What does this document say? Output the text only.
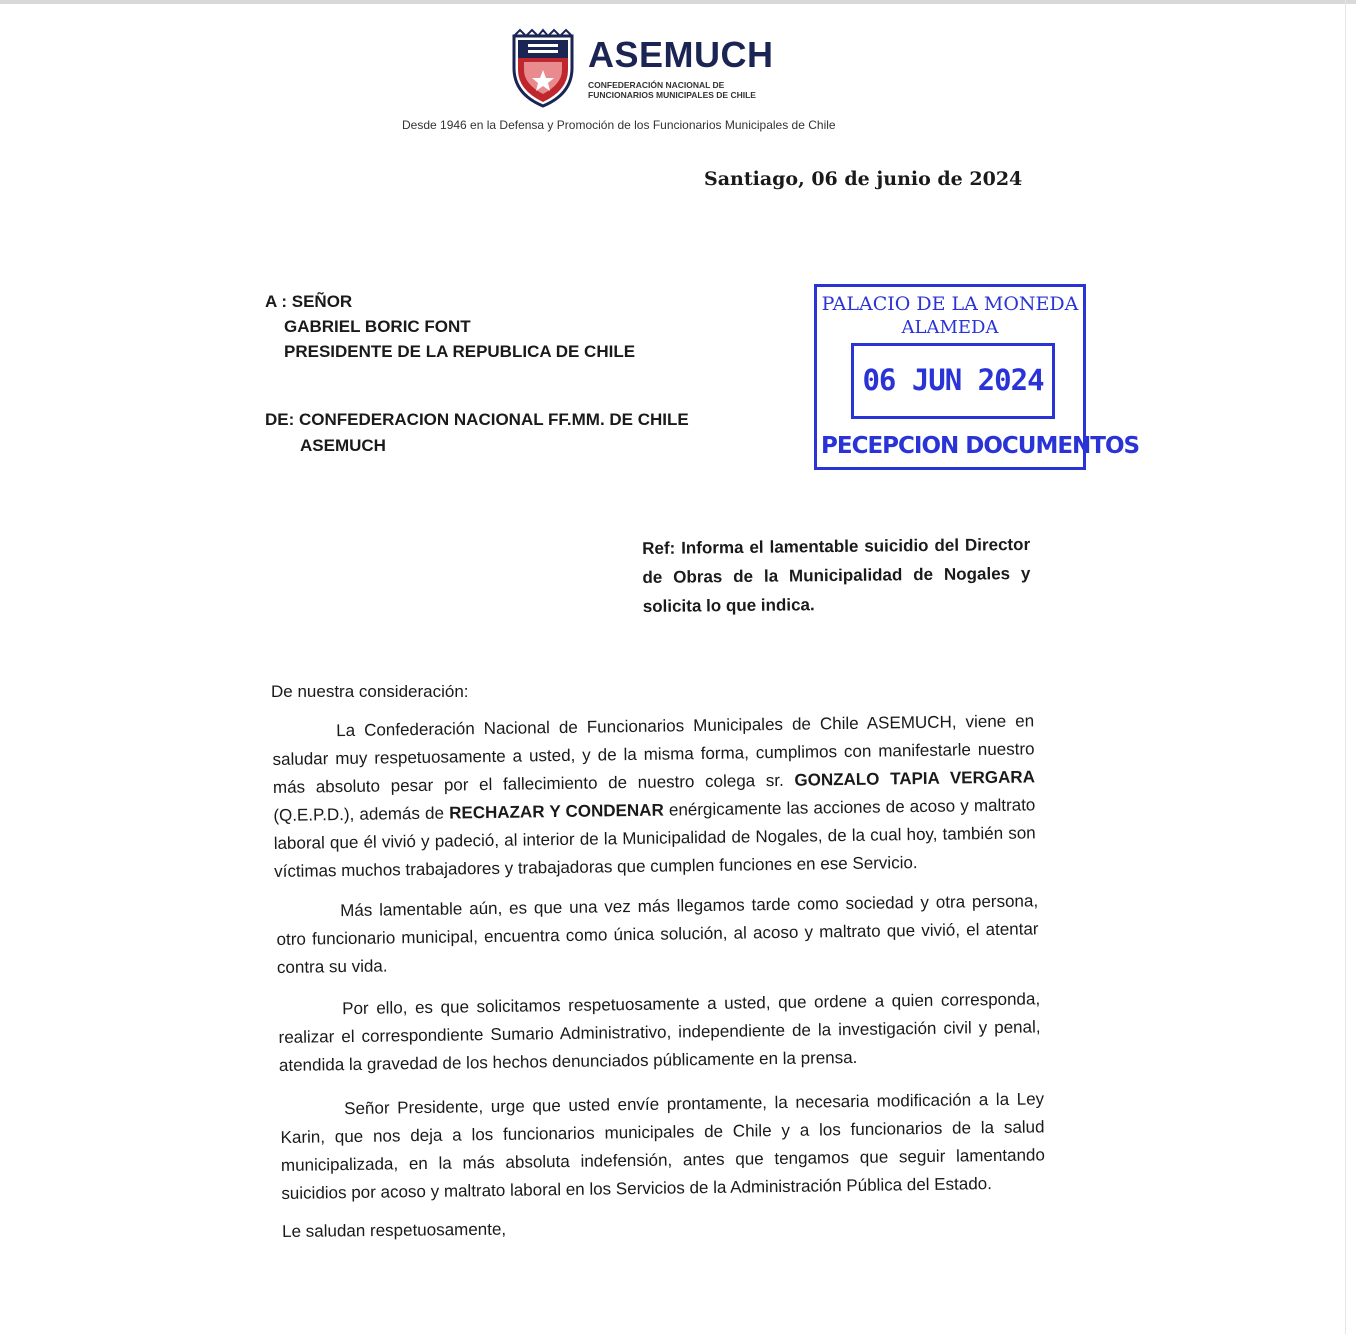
ASEMUCH
CONFEDERACIÓN NACIONAL DE
FUNCIONARIOS MUNICIPALES DE CHILE
Desde 1946 en la Defensa y Promoción de los Funcionarios Municipales de Chile
Santiago, 06 de junio de 2024
A : SEÑOR
GABRIEL BORIC FONT
PRESIDENTE DE LA REPUBLICA DE CHILE
DE: CONFEDERACION NACIONAL FF.MM. DE CHILE
ASEMUCH
PALACIO DE LA MONEDA
ALAMEDA
06 JUN 2024
PECEPCION DOCUMENTOS
Ref: Informa el lamentable suicidio del Director de Obras de la Municipalidad de Nogales y solicita lo que indica.
De nuestra consideración:
La Confederación Nacional de Funcionarios Municipales de Chile ASEMUCH, viene en saludar muy respetuosamente a usted, y de la misma forma, cumplimos con manifestarle nuestro más absoluto pesar por el fallecimiento de nuestro colega sr. GONZALO TAPIA VERGARA (Q.E.P.D.), además de RECHAZAR Y CONDENAR enérgicamente las acciones de acoso y maltrato laboral que él vivió y padeció, al interior de la Municipalidad de Nogales, de la cual hoy, también son víctimas muchos trabajadores y trabajadoras que cumplen funciones en ese Servicio.
Más lamentable aún, es que una vez más llegamos tarde como sociedad y otra persona, otro funcionario municipal, encuentra como única solución, al acoso y maltrato que vivió, el atentar contra su vida.
Por ello, es que solicitamos respetuosamente a usted, que ordene a quien corresponda, realizar el correspondiente Sumario Administrativo, independiente de la investigación civil y penal, atendida la gravedad de los hechos denunciados públicamente en la prensa.
Señor Presidente, urge que usted envíe prontamente, la necesaria modificación a la Ley Karin, que nos deja a los funcionarios municipales de Chile y a los funcionarios de la salud municipalizada, en la más absoluta indefensión, antes que tengamos que seguir lamentando suicidios por acoso y maltrato laboral en los Servicios de la Administración Pública del Estado.
Le saludan respetuosamente,
